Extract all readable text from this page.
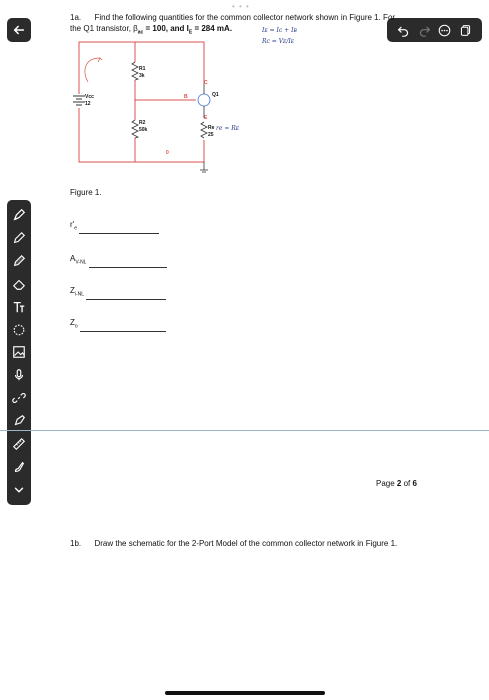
• • •
1a. Find the following quantities for the common collector network shown in Figure 1. For
the Q1 transistor, $\beta_{ac} = 100$, and $I_E = 284$ mA.	Iᴇ = Iᴄ + Iʙ
Rᴄ = Vᴇ/Iᴇ
R1
3k
R2
50k
Vcc
12
Q1
B
C
E
Re
25
0
re ≈ Rᴇ
Figure 1.
$r'_e$
$A_{V-NL}$
$Z_{i-NL}$
$Z_o$
Page 2 of 6
1b. Draw the schematic for the 2-Port Model of the common collector network in Figure 1.
